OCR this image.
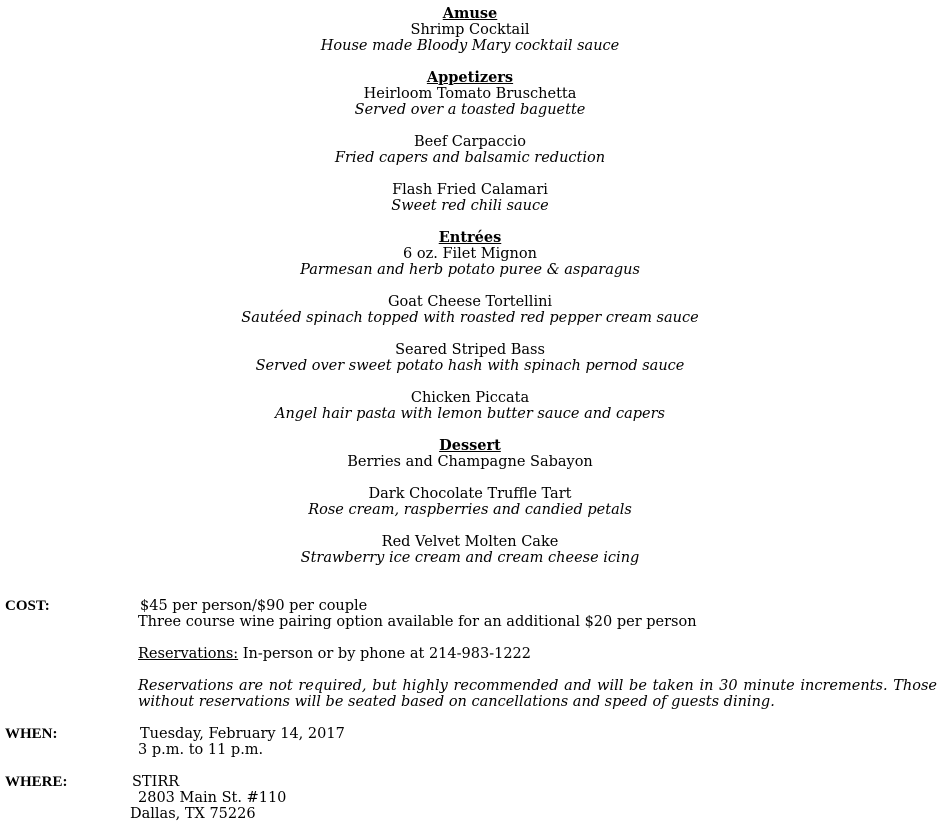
Amuse
Shrimp Cocktail
House made Bloody Mary cocktail sauce
Appetizers
Heirloom Tomato Bruschetta
Served over a toasted baguette
Beef Carpaccio
Fried capers and balsamic reduction
Flash Fried Calamari
Sweet red chili sauce
Entrées
6 oz. Filet Mignon
Parmesan and herb potato puree & asparagus
Goat Cheese Tortellini
Sautéed spinach topped with roasted red pepper cream sauce
Seared Striped Bass
Served over sweet potato hash with spinach pernod sauce
Chicken Piccata
Angel hair pasta with lemon butter sauce and capers
Dessert
Berries and Champagne Sabayon
Dark Chocolate Truffle Tart
Rose cream, raspberries and candied petals
Red Velvet Molten Cake
Strawberry ice cream and cream cheese icing
COST:	$45 per person/$90 per couple
Three course wine pairing option available for an additional $20 per person
Reservations: In-person or by phone at 214-983-1222
Reservations are not required, but highly recommended and will be taken in 30 minute increments. Those without reservations will be seated based on cancellations and speed of guests dining.
WHEN:	Tuesday, February 14, 2017
3 p.m. to 11 p.m.
WHERE:	STIRR
2803 Main St. #110
Dallas, TX 75226
